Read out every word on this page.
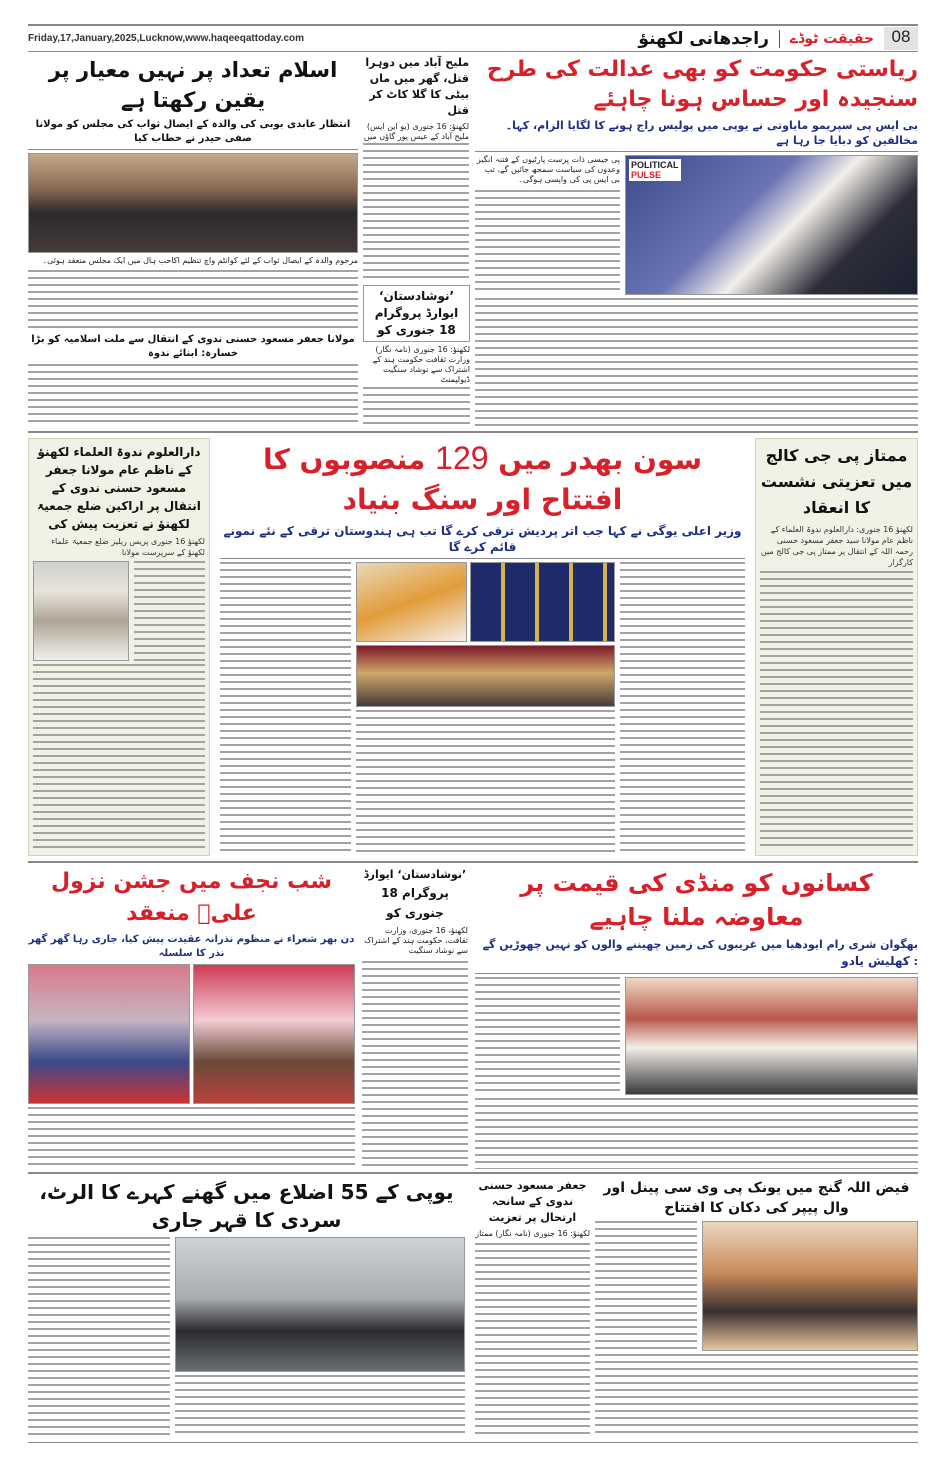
Friday,17,January,2025,Lucknow,www.haqeeqattoday.com	راجدھانی لکھنؤ حقیقت ٹوڈے	08
ریاستی حکومت کو بھی عدالت کی طرح سنجیدہ اور حساس ہونا چاہئے
بی ایس پی سپریمو مایاوتی نے یوپی میں پولیس راج ہونے کا لگایا الزام، کہا۔مخالفین کو دبایا جا رہا ہے
POLITICAL
PULSE
پی جیسی ذات پرست پارٹیوں کے فتنہ انگیز وعدوں کی سیاست سمجھ جائیں گے، تب بی ایس پی کی واپسی ہوگی۔
ملیح آباد میں دوہرا قتل، گھر میں ماں بیٹی کا گلا کاٹ کر قتل
لکھنؤ: 16 جنوری (یو این ایس) ملیح آباد کے عیس پور گاؤں میں
’نوشادستان‘ ایوارڈ پروگرام 18 جنوری کو
لکھنؤ: 16 جنوری (نامہ نگار) وزارت ثقافت حکومت ہند کے اشتراک سے نوشاد سنگیت ڈیولپمنٹ
اسلام تعداد پر نہیں معیار پر یقین رکھتا ہے
انتظار عابدی بوبی کی والدہ کے ایصال ثواب کی مجلس کو مولانا صفی حیدر نے خطاب کیا
مرحوم والدہ کے ایصال ثواب کے لئے کوانٹم واچ تنظیم اکاحب ہال میں ایک مجلس منعقد ہوئی۔
مولانا جعفر مسعود حسنی ندوی کے انتقال سے ملت اسلامیہ کو بڑا خسارہ: ابنائے ندوہ
دارالعلوم ندوۃ العلماء لکھنؤ کے ناظم عام مولانا جعفر مسعود حسنی ندوی کے انتقال پر اراکین ضلع جمعیۃ لکھنؤ نے تعزیت پیش کی
لکھنؤ 16 جنوری پریس ریلیز ضلع جمعیۃ علماء لکھنؤ کے سرپرست مولانا
سون بھدر میں 129 منصوبوں کا افتتاح اور سنگ بنیاد
وزیر اعلی یوگی نے کہا جب اتر پردیش ترقی کرے گا تب ہی ہندوستان ترقی کے نئے نمونے قائم کرے گا
ممتاز پی جی کالج میں تعزیتی نشست کا انعقاد
لکھنؤ 16 جنوری: دارالعلوم ندوۃ العلماء کے ناظم عام مولانا سید جعفر مسعود حسنی رحمہ اللہ کے انتقال پر ممتاز پی جی کالج میں کارگزار
کسانوں کو منڈی کی قیمت پر معاوضہ ملنا چاہیے
بھگوان شری رام ایودھیا میں غریبوں کی زمین چھیننے والوں کو نہیں چھوڑیں گے : کھلیش یادو
’نوشادستان‘ ایوارڈ
پروگرام 18 جنوری کو
لکھنؤ، 16 جنوری، وزارت ثقافت، حکومت ہند کے اشتراک سے نوشاد سنگیت
شب نجف میں جشن نزول علیؑ منعقد
دن بھر شعراء نے منظوم نذرانہ عقیدت پیش کیا، جاری رہا گھر گھر نذر کا سلسلہ
فیض اللہ گنج میں یونک پی وی سی پینل اور وال پیپر کی دکان کا افتتاح
جعفر مسعود حسنی ندوی کے سانحہ ارتحال پر تعزیت
لکھنؤ: 16 جنوری (نامہ نگار) ممتاز
یوپی کے 55 اضلاع میں گھنے کہرے کا الرٹ، سردی کا قہر جاری
